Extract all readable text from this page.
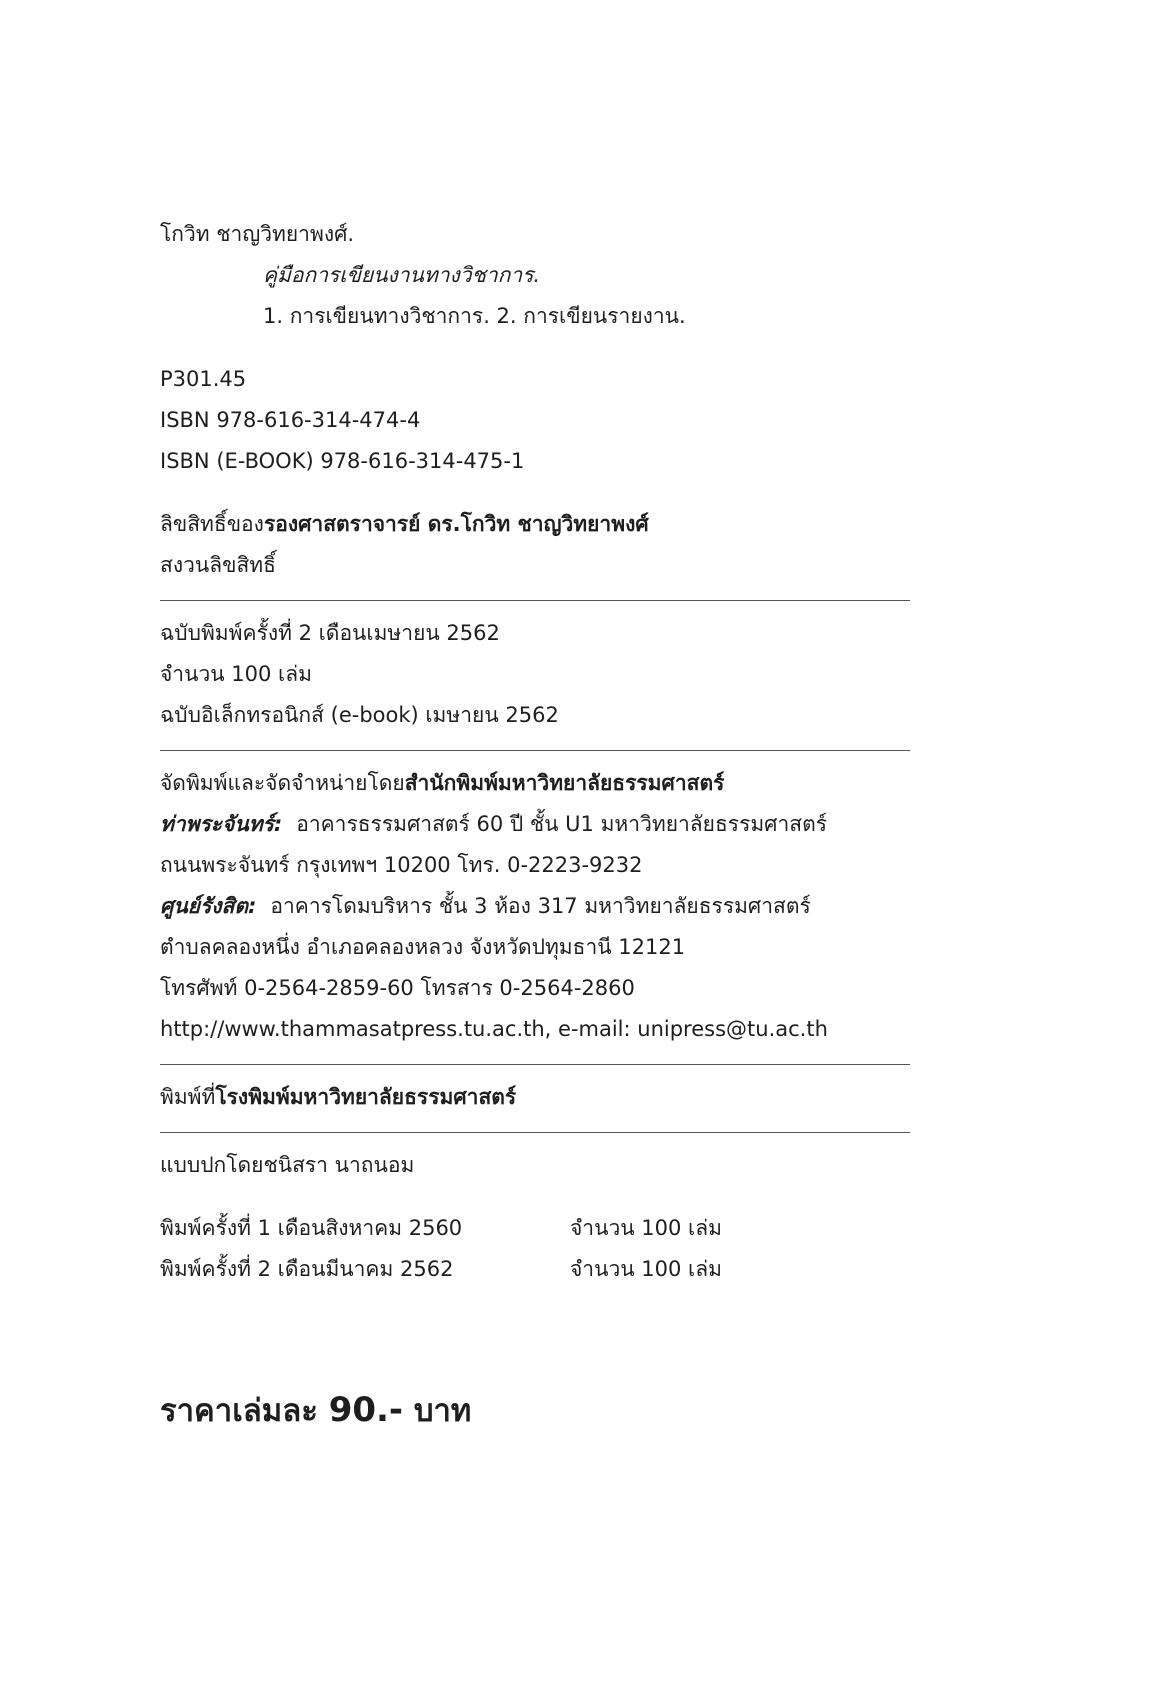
โกวิท ชาญวิทยาพงศ์.
คู่มือการเขียนงานทางวิชาการ.
1. การเขียนทางวิชาการ. 2. การเขียนรายงาน.
P301.45
ISBN 978-616-314-474-4
ISBN (E-BOOK) 978-616-314-475-1
ลิขสิทธิ์ของรองศาสตราจารย์ ดร.โกวิท ชาญวิทยาพงศ์
สงวนลิขสิทธิ์
ฉบับพิมพ์ครั้งที่ 2 เดือนเมษายน 2562
จำนวน 100 เล่ม
ฉบับอิเล็กทรอนิกส์ (e-book) เมษายน 2562
จัดพิมพ์และจัดจำหน่ายโดยสำนักพิมพ์มหาวิทยาลัยธรรมศาสตร์
ท่าพระจันทร์: อาคารธรรมศาสตร์ 60 ปี ชั้น U1 มหาวิทยาลัยธรรมศาสตร์
ถนนพระจันทร์ กรุงเทพฯ 10200 โทร. 0-2223-9232
ศูนย์รังสิต: อาคารโดมบริหาร ชั้น 3 ห้อง 317 มหาวิทยาลัยธรรมศาสตร์
ตำบลคลองหนึ่ง อำเภอคลองหลวง จังหวัดปทุมธานี 12121
โทรศัพท์ 0-2564-2859-60 โทรสาร 0-2564-2860
http://www.thammasatpress.tu.ac.th, e-mail: unipress@tu.ac.th
พิมพ์ที่โรงพิมพ์มหาวิทยาลัยธรรมศาสตร์
แบบปกโดยชนิสรา นาถนอม
พิมพ์ครั้งที่ 1 เดือนสิงหาคม 2560	จำนวน 100 เล่ม
พิมพ์ครั้งที่ 2 เดือนมีนาคม 2562	จำนวน 100 เล่ม
ราคาเล่มละ 90.- บาท
